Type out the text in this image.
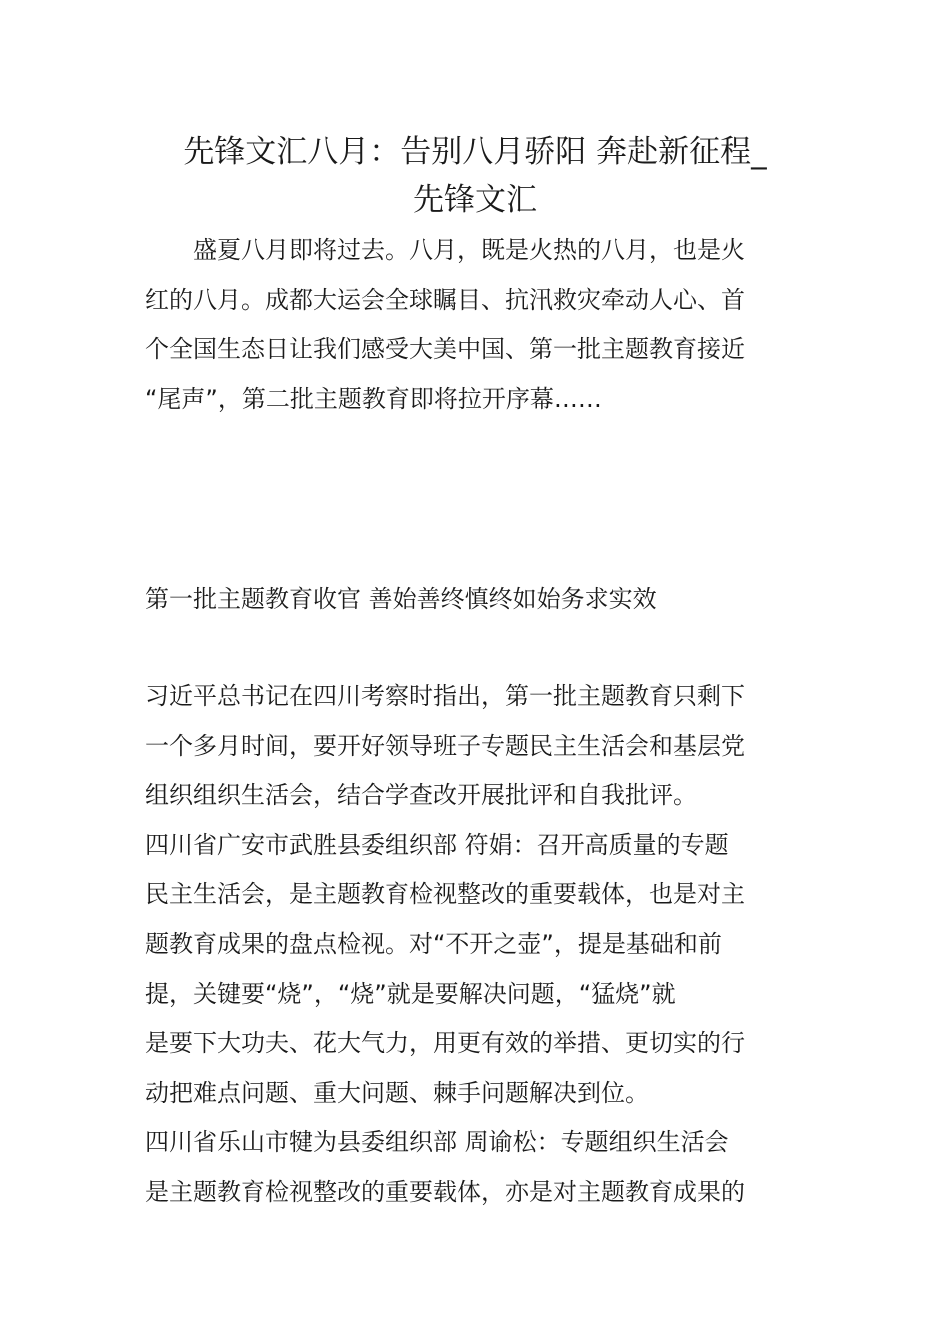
先锋文汇八月：告别八月骄阳 奔赴新征程_
先锋文汇
　　盛夏八月即将过去。八月，既是火热的八月，也是火
红的八月。成都大运会全球瞩目、抗汛救灾牵动人心、首
个全国生态日让我们感受大美中国、第一批主题教育接近
“尾声”，第二批主题教育即将拉开序幕……
第一批主题教育收官 善始善终慎终如始务求实效
习近平总书记在四川考察时指出，第一批主题教育只剩下
一个多月时间，要开好领导班子专题民主生活会和基层党
组织组织生活会，结合学查改开展批评和自我批评。
四川省广安市武胜县委组织部 符娟：召开高质量的专题
民主生活会，是主题教育检视整改的重要载体，也是对主
题教育成果的盘点检视。对“不开之壶”，提是基础和前
提，关键要“烧”，“烧”就是要解决问题，“猛烧”就
是要下大功夫、花大气力，用更有效的举措、更切实的行
动把难点问题、重大问题、棘手问题解决到位。
四川省乐山市犍为县委组织部 周谕松：专题组织生活会
是主题教育检视整改的重要载体，亦是对主题教育成果的
